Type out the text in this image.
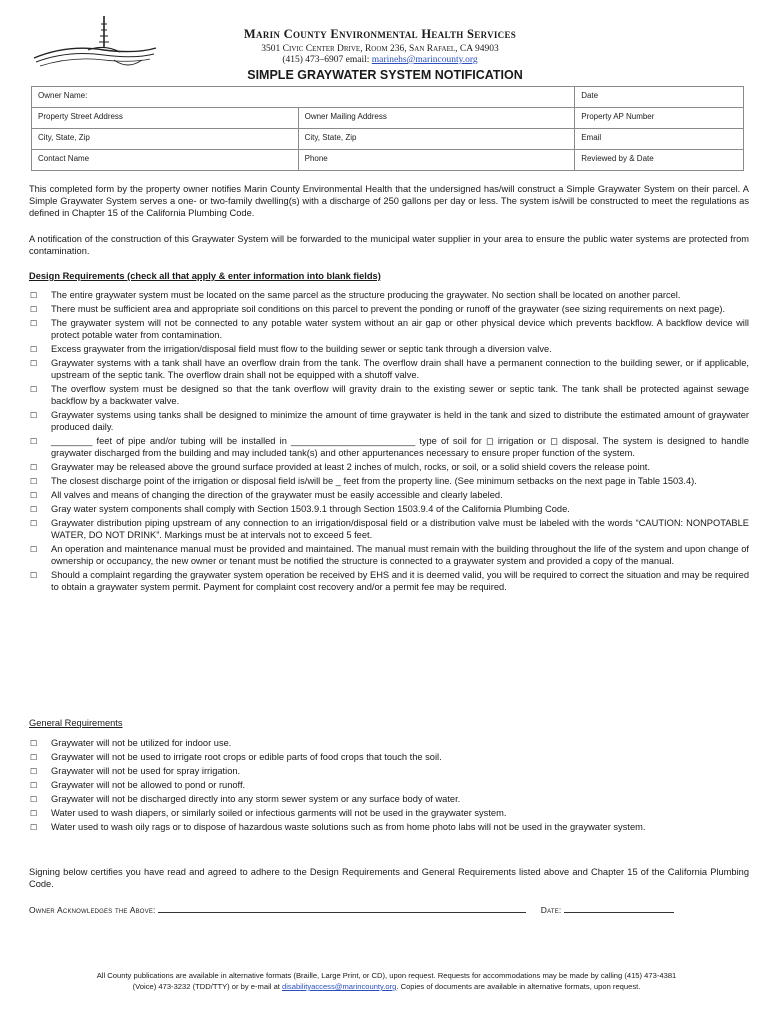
Marin County Environmental Health Services
3501 Civic Center Drive, Room 236, San Rafael, CA 94903
(415) 473–6907 email: marinehs@marincounty.org
SIMPLE GRAYWATER SYSTEM NOTIFICATION
Owner Name:		Date
Property Street Address	Owner Mailing Address	Property AP Number
City, State, Zip	City, State, Zip	Email
Contact Name	Phone	Reviewed by & Date
This completed form by the property owner notifies Marin County Environmental Health that the undersigned has/will construct a Simple Graywater System on their parcel. A Simple Graywater System serves a one- or two-family dwelling(s) with a discharge of 250 gallons per day or less. The system is/will be constructed to meet the regulations as defined in Chapter 15 of the California Plumbing Code.
A notification of the construction of this Graywater System will be forwarded to the municipal water supplier in your area to ensure the public water systems are protected from contamination.
Design Requirements (check all that apply & enter information into blank fields)
☐ The entire graywater system must be located on the same parcel as the structure producing the graywater. No section shall be located on another parcel.
☐ There must be sufficient area and appropriate soil conditions on this parcel to prevent the ponding or runoff of the graywater (see sizing requirements on next page).
☐ The graywater system will not be connected to any potable water system without an air gap or other physical device which prevents backflow. A backflow device will protect potable water from contamination.
☐ Excess graywater from the irrigation/disposal field must flow to the building sewer or septic tank through a diversion valve.
☐ Graywater systems with a tank shall have an overflow drain from the tank. The overflow drain shall have a permanent connection to the building sewer, or if applicable, upstream of the septic tank. The overflow drain shall not be equipped with a shutoff valve.
☐ The overflow system must be designed so that the tank overflow will gravity drain to the existing sewer or septic tank. The tank shall be protected against sewage backflow by a backwater valve.
☐ Graywater systems using tanks shall be designed to minimize the amount of time graywater is held in the tank and sized to distribute the estimated amount of graywater produced daily.
☐ ________ feet of pipe and/or tubing will be installed in ________________________ type of soil for ◻ irrigation or ◻ disposal. The system is designed to handle graywater discharged from the building and may included tank(s) and other appurtenances necessary to ensure proper function of the system.
☐ Graywater may be released above the ground surface provided at least 2 inches of mulch, rocks, or soil, or a solid shield covers the release point.
☐ The closest discharge point of the irrigation or disposal field is/will be _ feet from the property line. (See minimum setbacks on the next page in Table 1503.4).
☐ All valves and means of changing the direction of the graywater must be easily accessible and clearly labeled.
☐ Gray water system components shall comply with Section 1503.9.1 through Section 1503.9.4 of the California Plumbing Code.
☐ Graywater distribution piping upstream of any connection to an irrigation/disposal field or a distribution valve must be labeled with the words “CAUTION: NONPOTABLE WATER, DO NOT DRINK”. Markings must be at intervals not to exceed 5 feet.
☐ An operation and maintenance manual must be provided and maintained. The manual must remain with the building throughout the life of the system and upon change of ownership or occupancy, the new owner or tenant must be notified the structure is connected to a graywater system and provided a copy of the manual.
☐ Should a complaint regarding the graywater system operation be received by EHS and it is deemed valid, you will be required to correct the situation and may be required to obtain a graywater system permit. Payment for complaint cost recovery and/or a permit fee may be required.
General Requirements
☐ Graywater will not be utilized for indoor use.
☐ Graywater will not be used to irrigate root crops or edible parts of food crops that touch the soil.
☐ Graywater will not be used for spray irrigation.
☐ Graywater will not be allowed to pond or runoff.
☐ Graywater will not be discharged directly into any storm sewer system or any surface body of water.
☐ Water used to wash diapers, or similarly soiled or infectious garments will not be used in the graywater system.
☐ Water used to wash oily rags or to dispose of hazardous waste solutions such as from home photo labs will not be used in the graywater system.
Signing below certifies you have read and agreed to adhere to the Design Requirements and General Requirements listed above and Chapter 15 of the California Plumbing Code.
Owner Acknowledges the Above:	Date:
All County publications are available in alternative formats (Braille, Large Print, or CD), upon request. Requests for accommodations may be made by calling (415) 473-4381
(Voice) 473-3232 (TDD/TTY) or by e-mail at disabilityaccess@marincounty.org. Copies of documents are available in alternative formats, upon request.
